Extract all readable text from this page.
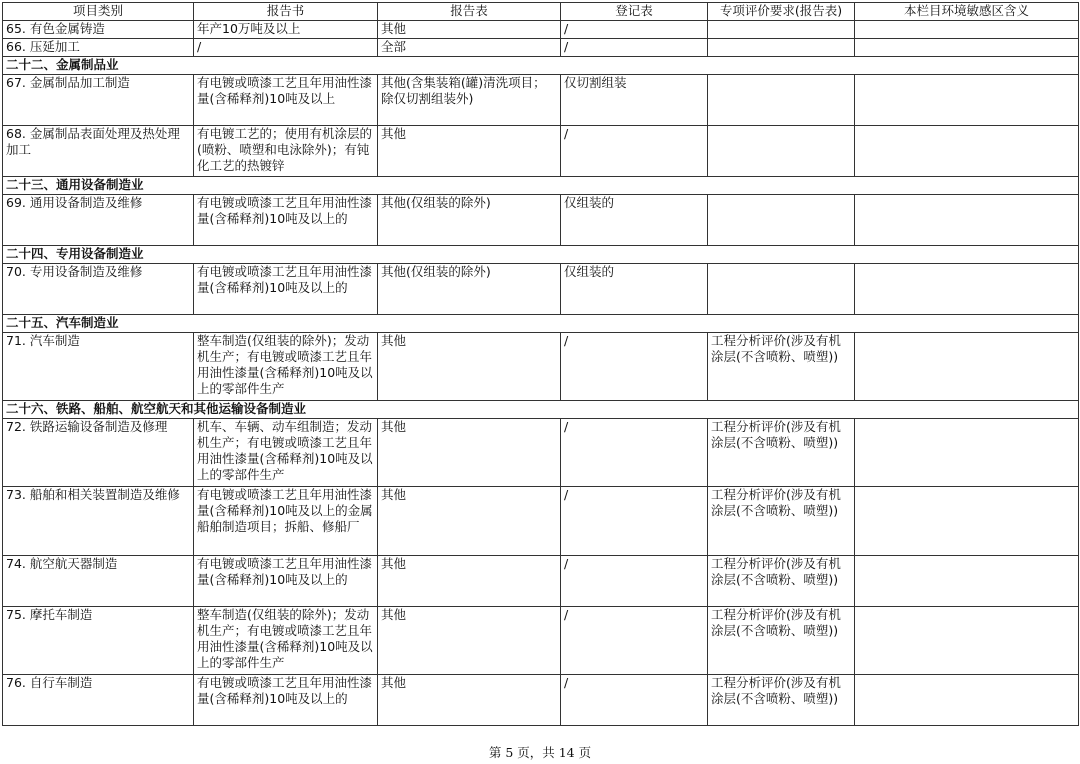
项目类别	报告书	报告表	登记表	专项评价要求(报告表)	本栏目环境敏感区含义

65. 有色金属铸造	年产10万吨及以上	其他	/		

66. 压延加工	/	全部	/		

二十二、金属制品业					

67. 金属制品加工制造	有电镀或喷漆工艺且年用油性漆量(含稀释剂)10吨及以上	其他(含集装箱(罐)清洗项目；除仅切割组装外)	仅切割组装		

68. 金属制品表面处理及热处理加工	有电镀工艺的；使用有机涂层的(喷粉、喷塑和电泳除外)；有钝化工艺的热镀锌	其他	/		

二十三、通用设备制造业					

69. 通用设备制造及维修	有电镀或喷漆工艺且年用油性漆量(含稀释剂)10吨及以上的	其他(仅组装的除外)	仅组装的		

二十四、专用设备制造业					

70. 专用设备制造及维修	有电镀或喷漆工艺且年用油性漆量(含稀释剂)10吨及以上的	其他(仅组装的除外)	仅组装的		

二十五、汽车制造业					

71. 汽车制造	整车制造(仅组装的除外)；发动机生产；有电镀或喷漆工艺且年用油性漆量(含稀释剂)10吨及以上的零部件生产	其他	/	工程分析评价(涉及有机涂层(不含喷粉、喷塑))	

二十六、铁路、船舶、航空航天和其他运输设备制造业					

72. 铁路运输设备制造及修理	机车、车辆、动车组制造；发动机生产；有电镀或喷漆工艺且年用油性漆量(含稀释剂)10吨及以上的零部件生产	其他	/	工程分析评价(涉及有机涂层(不含喷粉、喷塑))	

73. 船舶和相关装置制造及维修	有电镀或喷漆工艺且年用油性漆量(含稀释剂)10吨及以上的金属船舶制造项目；拆船、修船厂	其他	/	工程分析评价(涉及有机涂层(不含喷粉、喷塑))	

74. 航空航天器制造	有电镀或喷漆工艺且年用油性漆量(含稀释剂)10吨及以上的	其他	/	工程分析评价(涉及有机涂层(不含喷粉、喷塑))	

75. 摩托车制造	整车制造(仅组装的除外)；发动机生产；有电镀或喷漆工艺且年用油性漆量(含稀释剂)10吨及以上的零部件生产	其他	/	工程分析评价(涉及有机涂层(不含喷粉、喷塑))	

76. 自行车制造	有电镀或喷漆工艺且年用油性漆量(含稀释剂)10吨及以上的	其他	/	工程分析评价(涉及有机涂层(不含喷粉、喷塑))	

第 5 页，共 14 页
